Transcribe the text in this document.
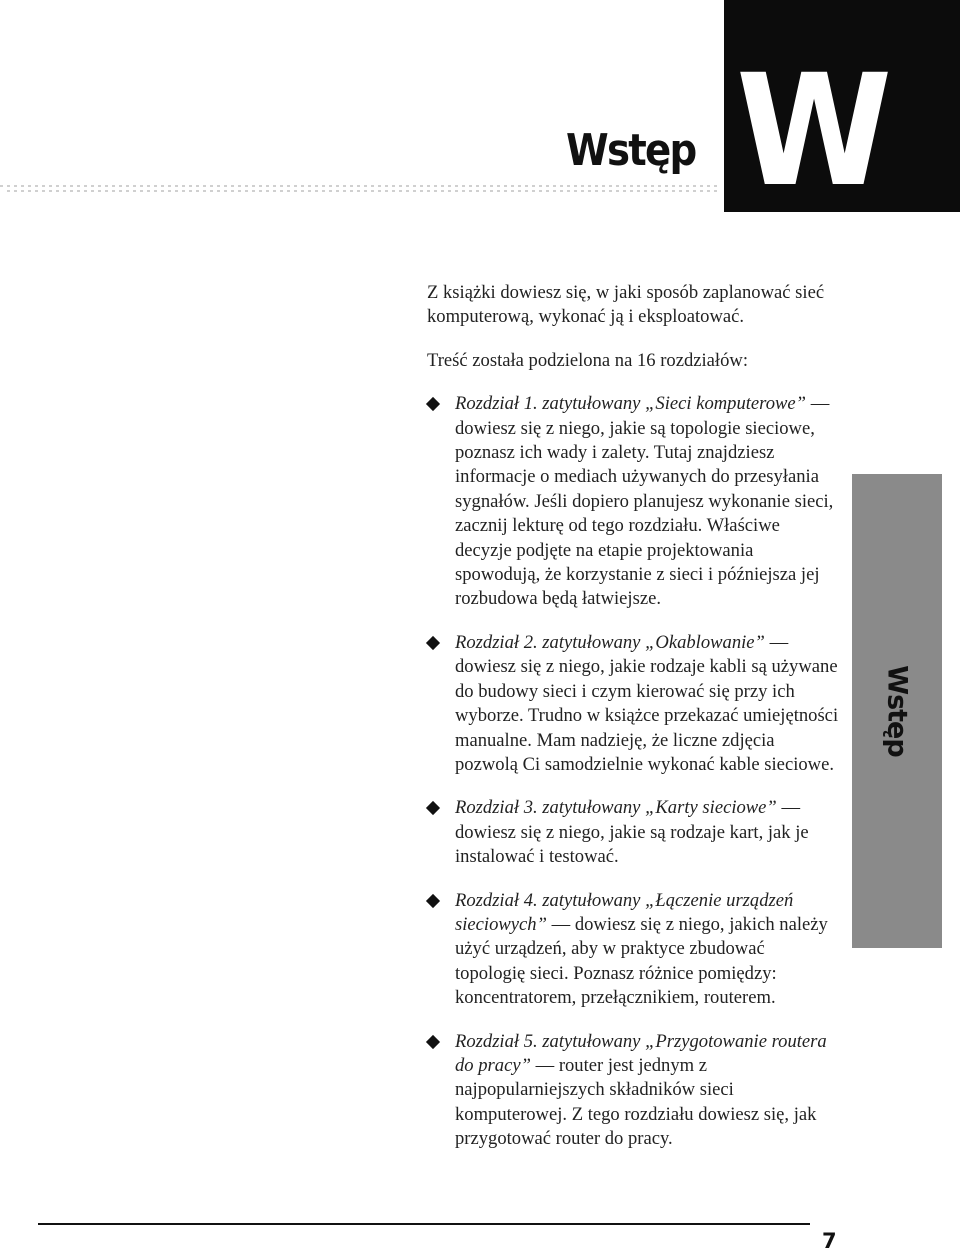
W
Wstęp
Wstęp

Z książki dowiesz się, w jaki sposób zaplanować sieć komputerową, wykonać ją i eksploatować.

Treść została podzielona na 16 rozdziałów:

Rozdział 1. zatytułowany „Sieci komputerowe” — dowiesz się z niego, jakie są topologie sieciowe, poznasz ich wady i zalety. Tutaj znajdziesz informacje o mediach używanych do przesyłania sygnałów. Jeśli dopiero planujesz wykonanie sieci, zacznij lekturę od tego rozdziału. Właściwe decyzje podjęte na etapie projektowania spowodują, że korzystanie z sieci i późniejsza jej rozbudowa będą łatwiejsze.
Rozdział 2. zatytułowany „Okablowanie” — dowiesz się z niego, jakie rodzaje kabli są używane do budowy sieci i czym kierować się przy ich wyborze. Trudno w książce przekazać umiejętności manualne. Mam nadzieję, że liczne zdjęcia pozwolą Ci samodzielnie wykonać kable sieciowe.
Rozdział 3. zatytułowany „Karty sieciowe” — dowiesz się z niego, jakie są rodzaje kart, jak je instalować i testować.
Rozdział 4. zatytułowany „Łączenie urządzeń sieciowych” — dowiesz się z niego, jakich należy użyć urządzeń, aby w praktyce zbudować topologię sieci. Poznasz różnice pomiędzy: koncentratorem, przełącznikiem, routerem.
Rozdział 5. zatytułowany „Przygotowanie routera do pracy” — router jest jednym z najpopularniejszych składników sieci komputerowej. Z tego rozdziału dowiesz się, jak przygotować router do pracy.
7
